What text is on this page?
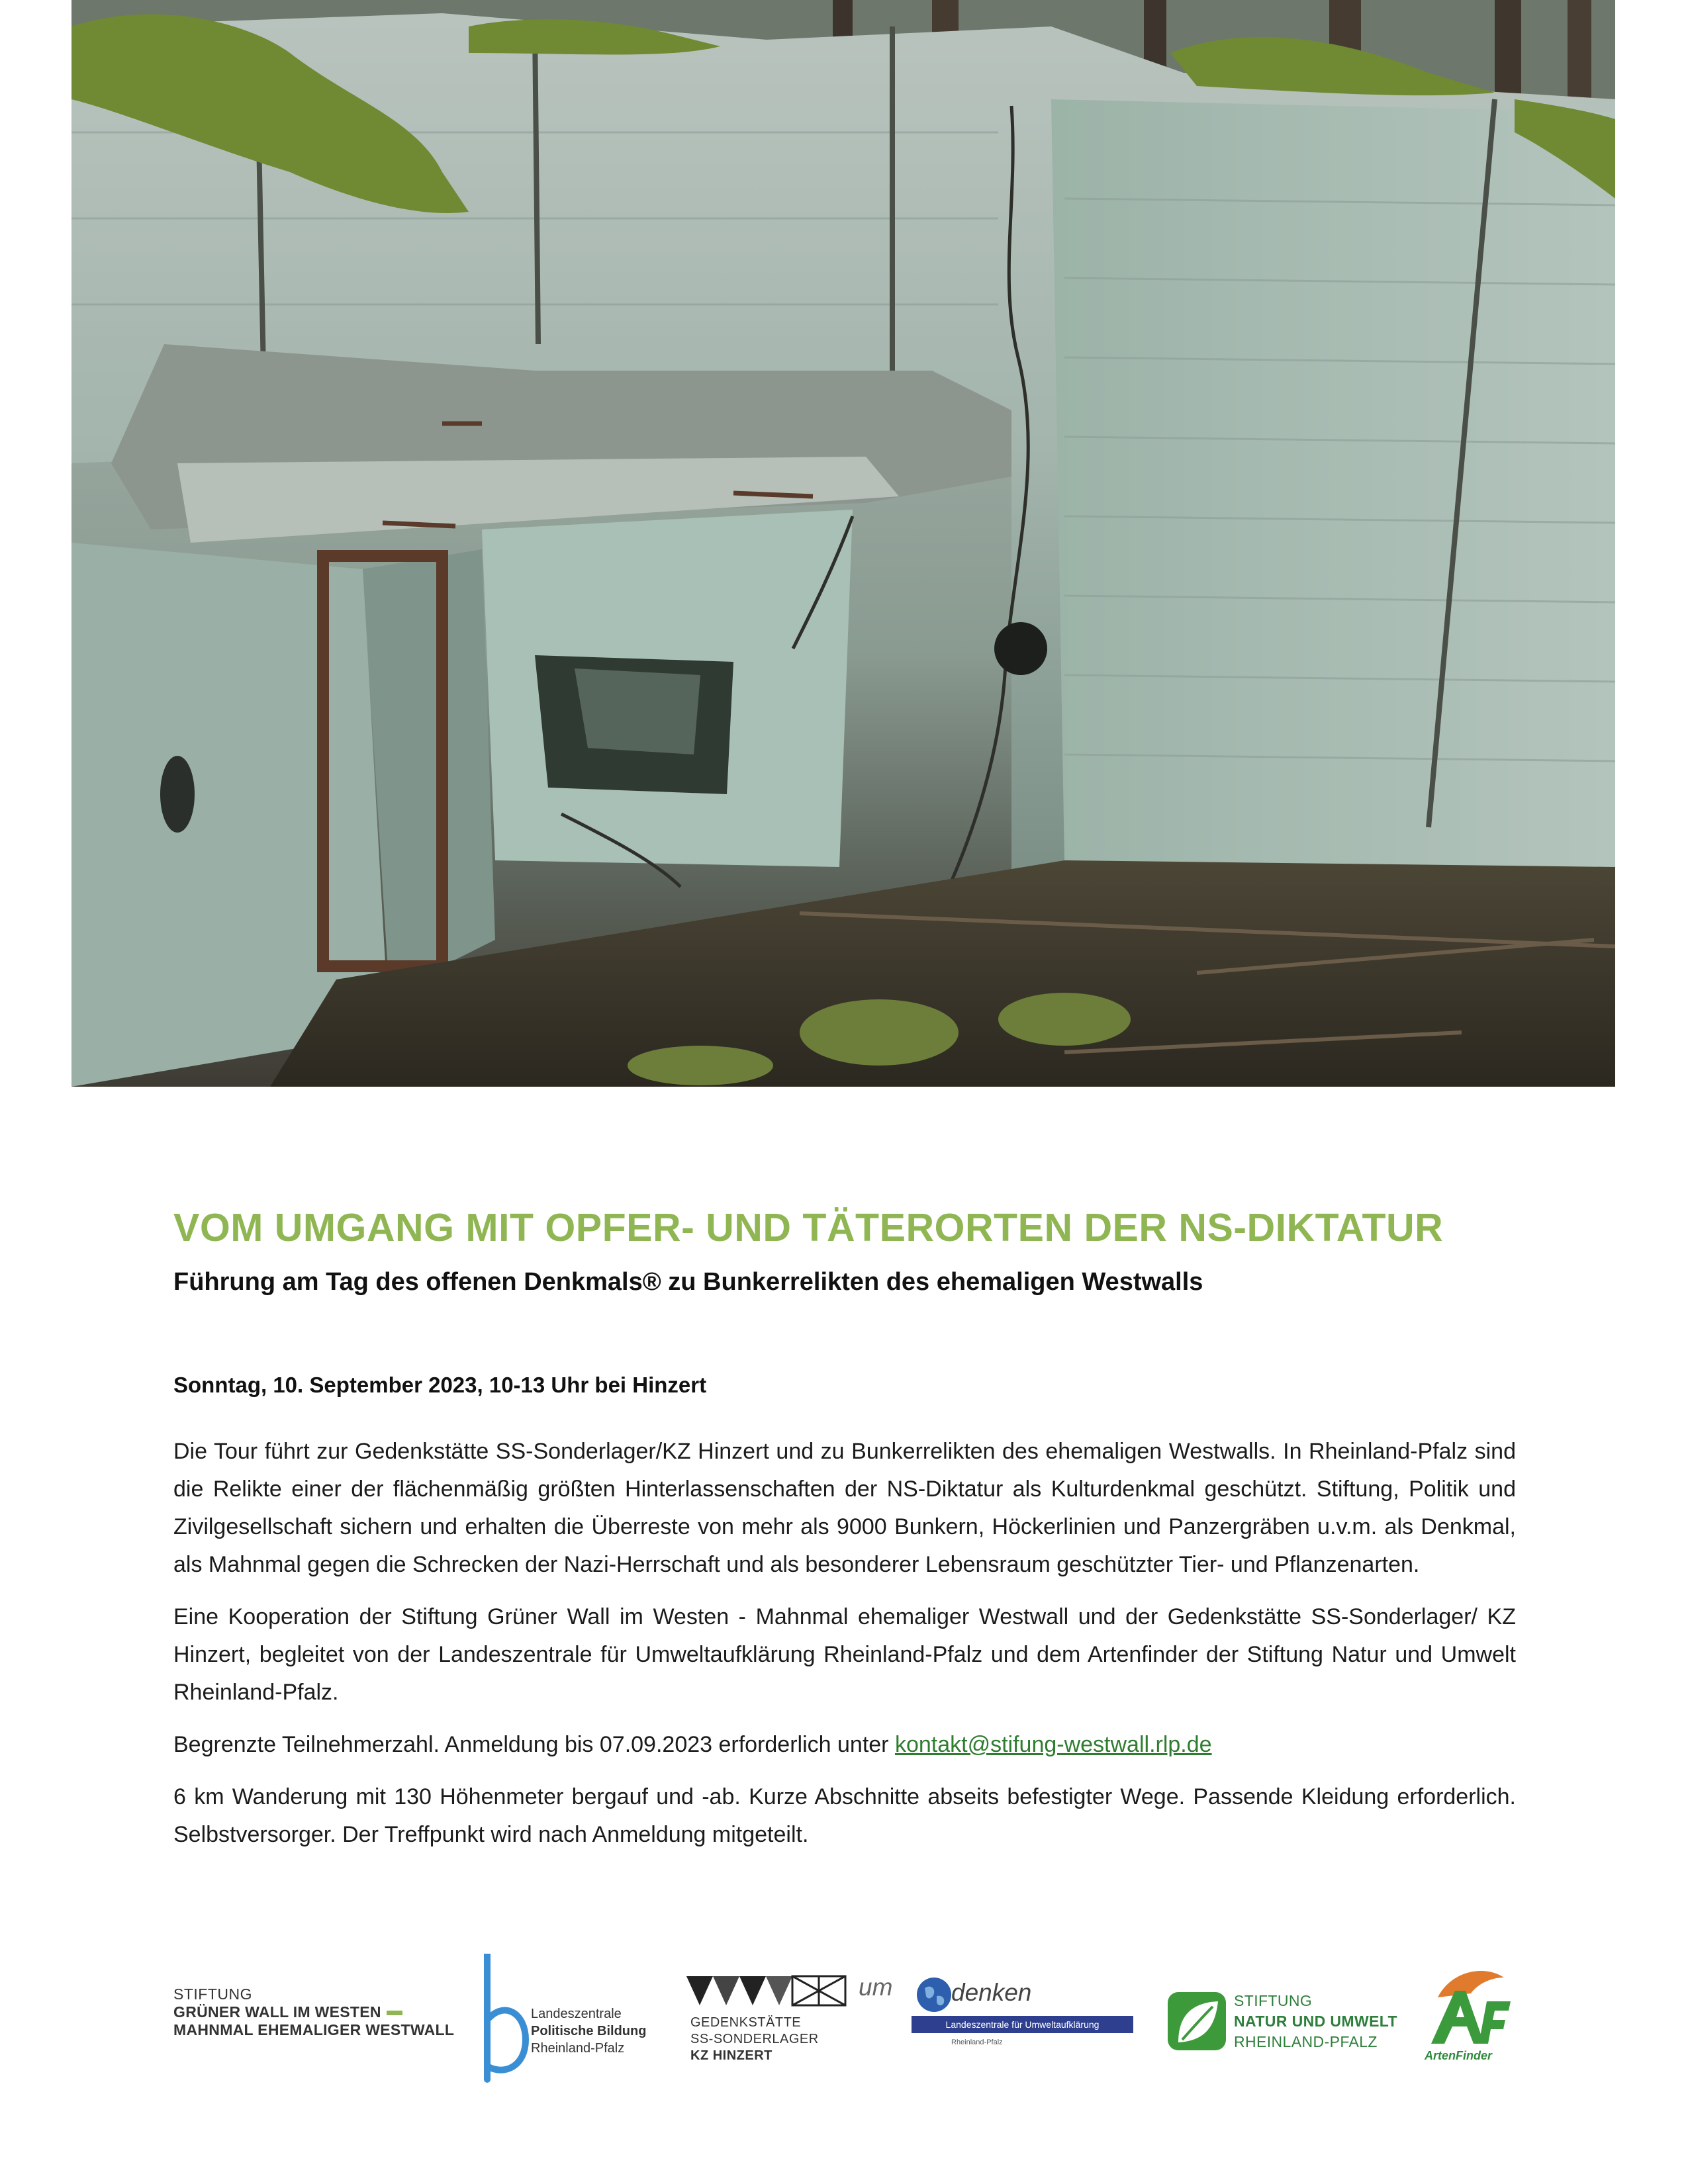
VOM UMGANG MIT OPFER- UND TÄTERORTEN DER NS-DIKTATUR
Führung am Tag des offenen Denkmals® zu Bunkerrelikten des ehemaligen Westwalls

Sonntag, 10. September 2023, 10-13 Uhr bei Hinzert

Die Tour führt zur Gedenkstätte SS-Sonderlager/KZ Hinzert und zu Bunkerrelikten des ehemaligen Westwalls. In Rheinland-Pfalz sind die Relikte einer der flächenmäßig größten Hinterlassenschaften der NS-Diktatur als Kulturdenkmal geschützt. Stiftung, Politik und Zivilgesellschaft sichern und erhalten die Überreste von mehr als 9000 Bunkern, Höckerlinien und Panzergräben u.v.m. als Denkmal, als Mahnmal gegen die Schrecken der Nazi-Herrschaft und als besonderer Lebensraum geschützter Tier- und Pflanzenarten.

Eine Kooperation der Stiftung Grüner Wall im Westen - Mahnmal ehemaliger Westwall und der Gedenkstätte SS-Sonderlager/ KZ Hinzert, begleitet von der Landeszentrale für Umweltaufklärung Rheinland-Pfalz und dem Artenfinder der Stiftung Natur und Umwelt Rheinland-Pfalz.

Begrenzte Teilnehmerzahl. Anmeldung bis 07.09.2023 erforderlich unter kontakt@stifung-westwall.rlp.de

6 km Wanderung mit 130 Höhenmeter bergauf und -ab. Kurze Abschnitte abseits befestigter Wege. Passende Kleidung erforderlich. Selbstversorger. Der Treffpunkt wird nach Anmeldung mitgeteilt.

STIFTUNG
GRÜNER WALL IM WESTEN
MAHNMAL EHEMALIGER WESTWALL
Landeszentrale
Politische Bildung
Rheinland-Pfalz
GEDENKSTÄTTE
SS-SONDERLAGER
KZ HINZERT
um denken
Landeszentrale für Umweltaufklärung
Rheinland-Pfalz
STIFTUNG
NATUR UND UMWELT
RHEINLAND-PFALZ
ArtenFinder
